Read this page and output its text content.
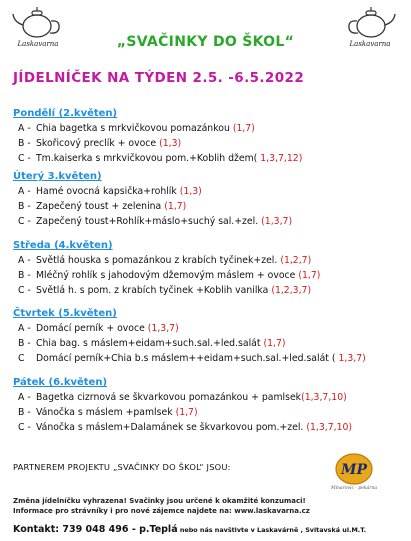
Laskavarna	„SVAČINKY DO ŠKOL“	Laskavarna
JÍDELNÍČEK NA TÝDEN 2.5. -6.5.2022
Pondělí (2.květen)
A - Chia bagetka s mrkvičkovou pomazánkou (1,7)
B - Skořicový preclík + ovoce (1,3)
C - Tm.kaiserka s mrkvičkovou pom.+Koblih džem( 1,3,7,12)
Úterý 3.květen)
A - Hamé ovocná kapsička+rohlík (1,3)
B - Zapečený toust + zelenina (1,7)
C - Zapečený toust+Rohlík+máslo+suchý sal.+zel. (1,3,7)
Středa (4.květen)
A - Světlá houska s pomazánkou z krabích tyčinek+zel. (1,2,7)
B - Mléčný rohlík s jahodovým džemovým máslem + ovoce (1,7)
C - Světlá h. s pom. z krabích tyčinek +Koblih vanilka (1,2,3,7)
Čtvrtek (5.květen)
A - Domácí perník + ovoce (1,3,7)
B - Chia bag. s máslem+eidam+such.sal.+led.salát (1,7)
C Domácí perník+Chia b.s máslem++eidam+such.sal.+led.salát ( 1,3,7)
Pátek (6.květen)
A - Bagetka cizrnová se škvarkovou pomazánkou + pamlsek(1,3,7,10)
B - Vánočka s máslem +pamlsek (1,7)
C - Vánočka s máslem+Dalamánek se škvarkovou pom.+zel. (1,3,7,10)
PARTNEREM PROJEKTU „SVAČINKY DO ŠKOL“ JSOU:	MP
Minarovic - pekárna
Změna jídelníčku vyhrazena! Svačinky jsou určené k okamžité konzumaci!
Informace pro strávníky i pro nové zájemce najdete na: www.laskavarna.cz
Kontakt: 739 048 496 - p.Teplá nebo nás navštivte v Laskavárně , Svitavská ul.M.T.
